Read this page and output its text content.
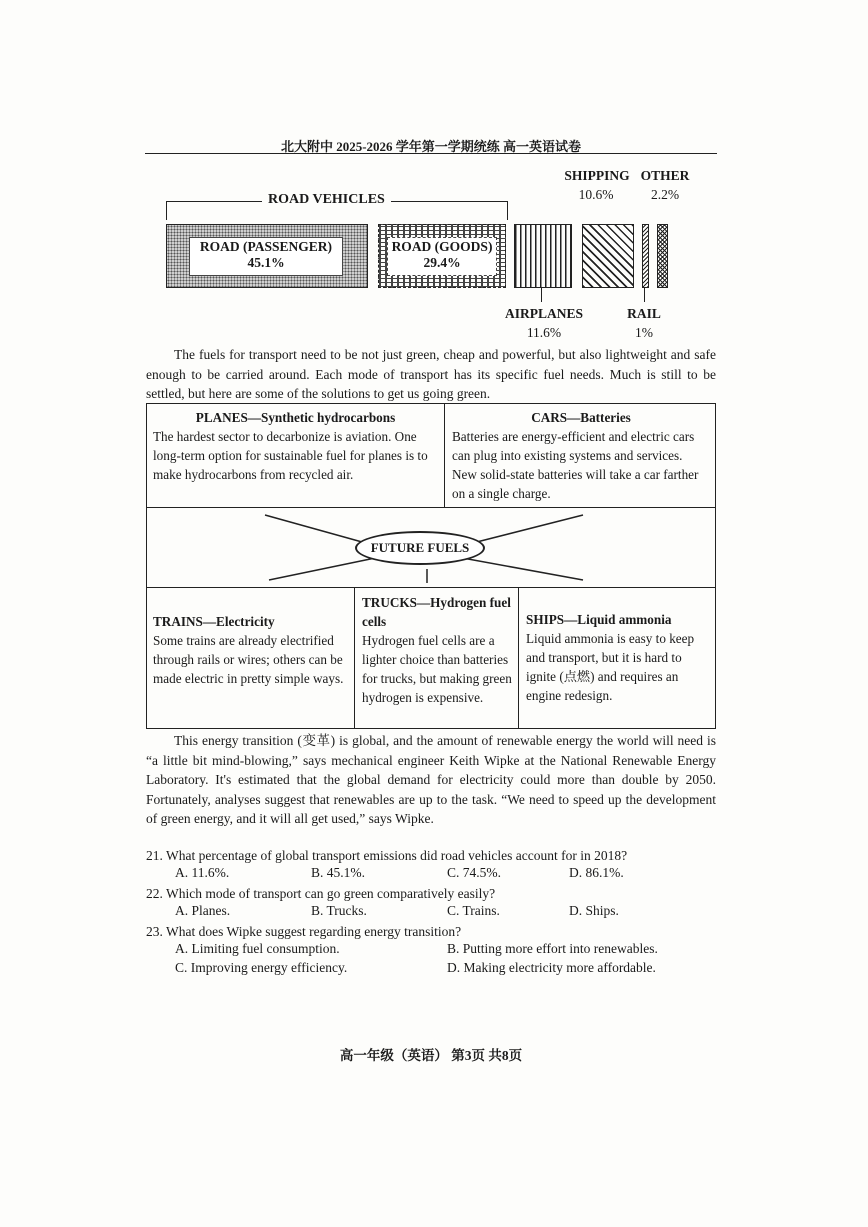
北大附中 2025-2026 学年第一学期统练 高一英语试卷
ROAD VEHICLES
ROAD (PASSENGER)
45.1%
ROAD (GOODS)
29.4%
SHIPPING OTHER
10.6%	2.2%
AIRPLANES
11.6%
RAIL
1%

The fuels for transport need to be not just green, cheap and powerful, but also lightweight and safe enough to be carried around. Each mode of transport has its specific fuel needs. Much is still to be settled, but here are some of the solutions to get us going green.

PLANES—Synthetic hydrocarbons
The hardest sector to decarbonize is aviation. One long-term option for sustainable fuel for planes is to make hydrocarbons from recycled air.
CARS—Batteries
Batteries are energy-efficient and electric cars can plug into existing systems and services. New solid-state batteries will take a car farther on a single charge.
FUTURE FUELS
TRAINS—Electricity
Some trains are already electrified through rails or wires; others can be made electric in pretty simple ways.
TRUCKS—Hydrogen fuel cells
Hydrogen fuel cells are a lighter choice than batteries for trucks, but making green hydrogen is expensive.
SHIPS—Liquid ammonia
Liquid ammonia is easy to keep and transport, but it is hard to ignite (点燃) and requires an engine redesign.

This energy transition (变革) is global, and the amount of renewable energy the world will need is “a little bit mind-blowing,” says mechanical engineer Keith Wipke at the National Renewable Energy Laboratory. It's estimated that the global demand for electricity could more than double by 2050. Fortunately, analyses suggest that renewables are up to the task. “We need to speed up the development of green energy, and it will all get used,” says Wipke.

21. What percentage of global transport emissions did road vehicles account for in 2018?
A. 11.6%.	B. 45.1%.	C. 74.5%.	D. 86.1%.
22. Which mode of transport can go green comparatively easily?
A. Planes.	B. Trucks.	C. Trains.	D. Ships.
23. What does Wipke suggest regarding energy transition?
A. Limiting fuel consumption.	B. Putting more effort into renewables.
C. Improving energy efficiency.	D. Making electricity more affordable.
高一年级（英语） 第3页 共8页
